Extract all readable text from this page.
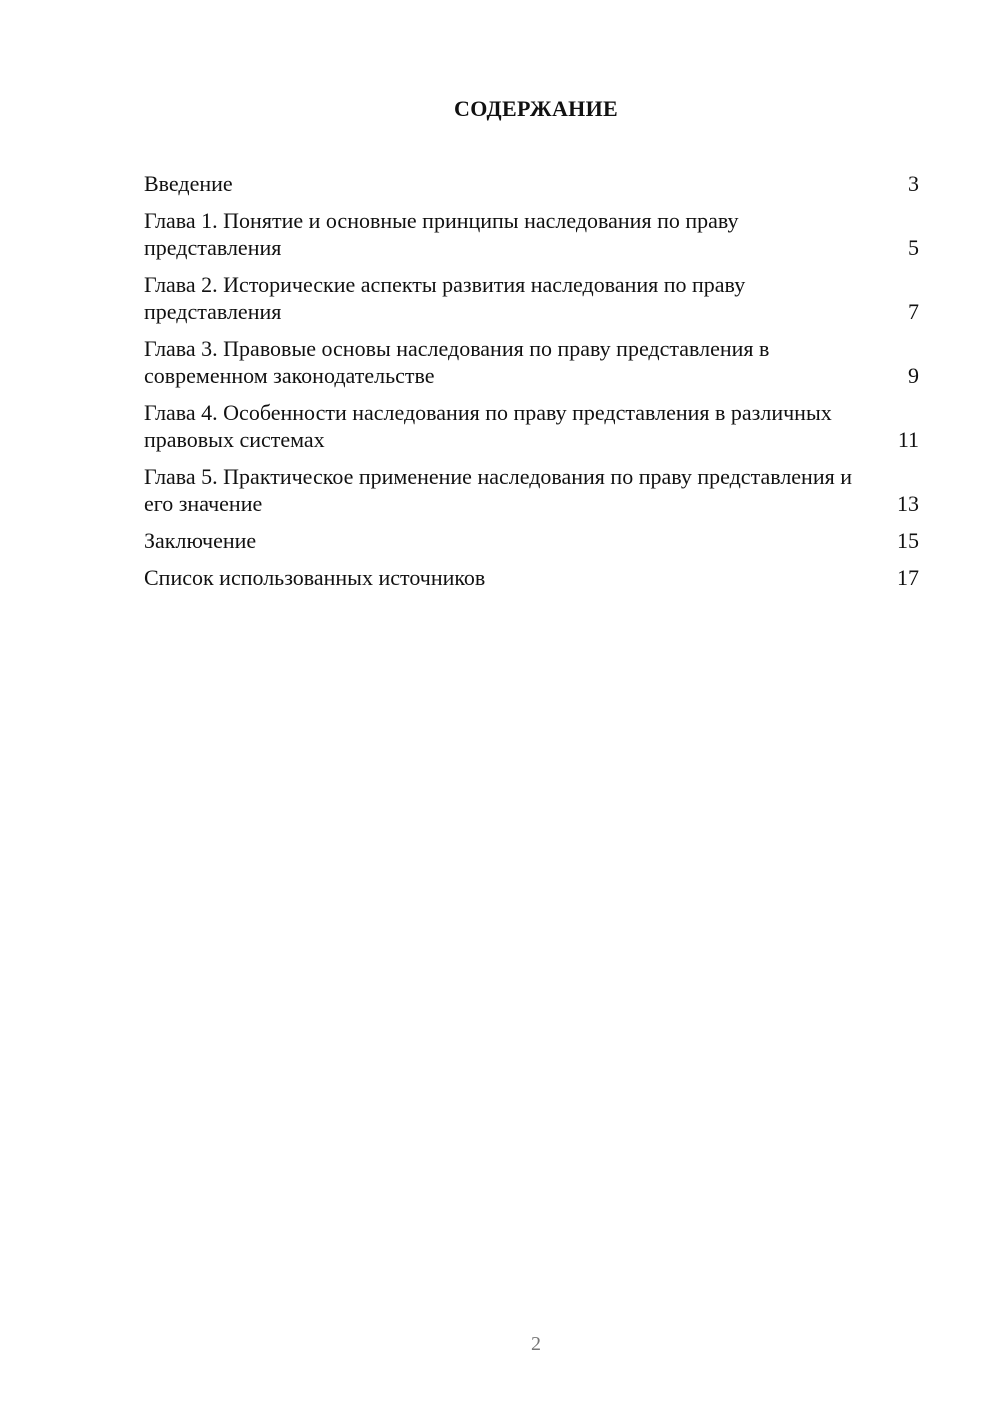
СОДЕРЖАНИЕ
Введение	3
Глава 1. Понятие и основные принципы наследования по праву представления	5
Глава 2. Исторические аспекты развития наследования по праву представления	7
Глава 3. Правовые основы наследования по праву представления в современном законодательстве	9
Глава 4. Особенности наследования по праву представления в различных правовых системах	11
Глава 5. Практическое применение наследования по праву представления и его значение	13
Заключение	15
Список использованных источников	17
2
